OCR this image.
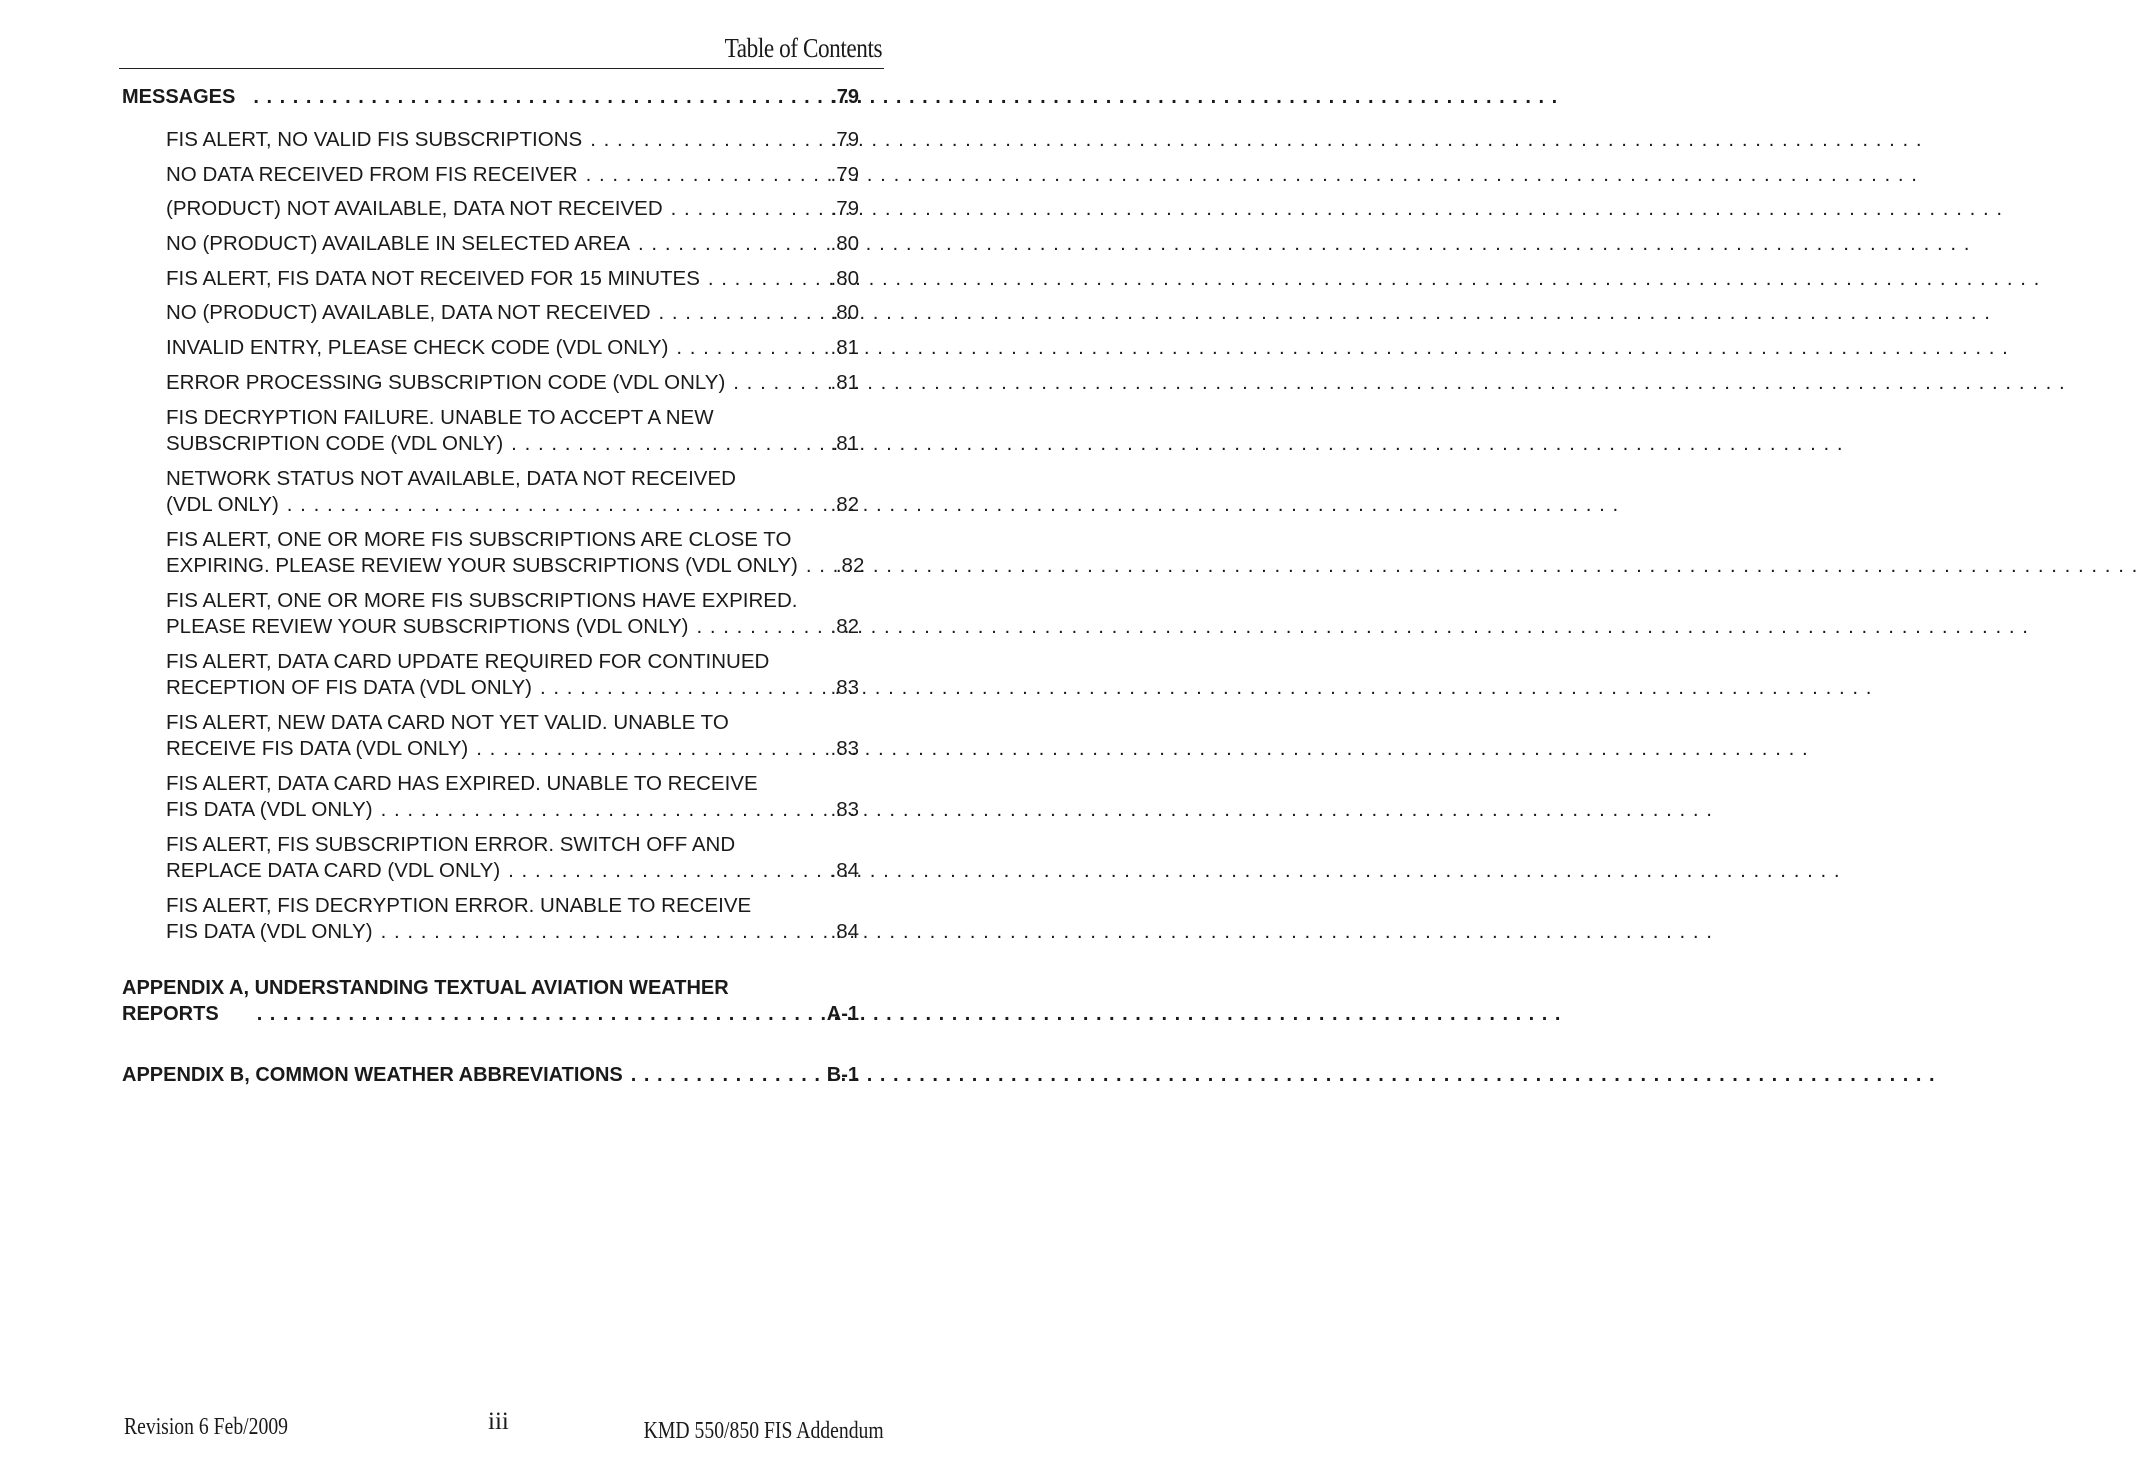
Table of Contents
MESSAGES . . .	.79
FIS ALERT, NO VALID FIS SUBSCRIPTIONS . . .	.79
NO DATA RECEIVED FROM FIS RECEIVER . . .	.79
(PRODUCT) NOT AVAILABLE, DATA NOT RECEIVED . . .	.79
NO (PRODUCT) AVAILABLE IN SELECTED AREA . . .	.80
FIS ALERT, FIS DATA NOT RECEIVED FOR 15 MINUTES . . .	.80
NO (PRODUCT) AVAILABLE, DATA NOT RECEIVED . . .	.80
INVALID ENTRY, PLEASE CHECK CODE (VDL ONLY) . . .	.81
ERROR PROCESSING SUBSCRIPTION CODE (VDL ONLY) . . .	.81
FIS DECRYPTION FAILURE. UNABLE TO ACCEPT A NEW
SUBSCRIPTION CODE (VDL ONLY) . . .	.81
NETWORK STATUS NOT AVAILABLE, DATA NOT RECEIVED
(VDL ONLY) . . .	.82
FIS ALERT, ONE OR MORE FIS SUBSCRIPTIONS ARE CLOSE TO
EXPIRING. PLEASE REVIEW YOUR SUBSCRIPTIONS (VDL ONLY) . . . .82
FIS ALERT, ONE OR MORE FIS SUBSCRIPTIONS HAVE EXPIRED.
PLEASE REVIEW YOUR SUBSCRIPTIONS (VDL ONLY) . . .	.82
FIS ALERT, DATA CARD UPDATE REQUIRED FOR CONTINUED
RECEPTION OF FIS DATA (VDL ONLY) . . .	.83
FIS ALERT, NEW DATA CARD NOT YET VALID. UNABLE TO
RECEIVE FIS DATA (VDL ONLY) . . .	.83
FIS ALERT, DATA CARD HAS EXPIRED. UNABLE TO RECEIVE
FIS DATA (VDL ONLY) . . .	.83
FIS ALERT, FIS SUBSCRIPTION ERROR. SWITCH OFF AND
REPLACE DATA CARD (VDL ONLY) . . .	.84
FIS ALERT, FIS DECRYPTION ERROR. UNABLE TO RECEIVE
FIS DATA (VDL ONLY) . . .	.84
APPENDIX A, UNDERSTANDING TEXTUAL AVIATION WEATHER
REPORTS . . .	A-1
APPENDIX B, COMMON WEATHER ABBREVIATIONS . . .	B-1
Revision 6 Feb/2009	iii	KMD 550/850 FIS Addendum
